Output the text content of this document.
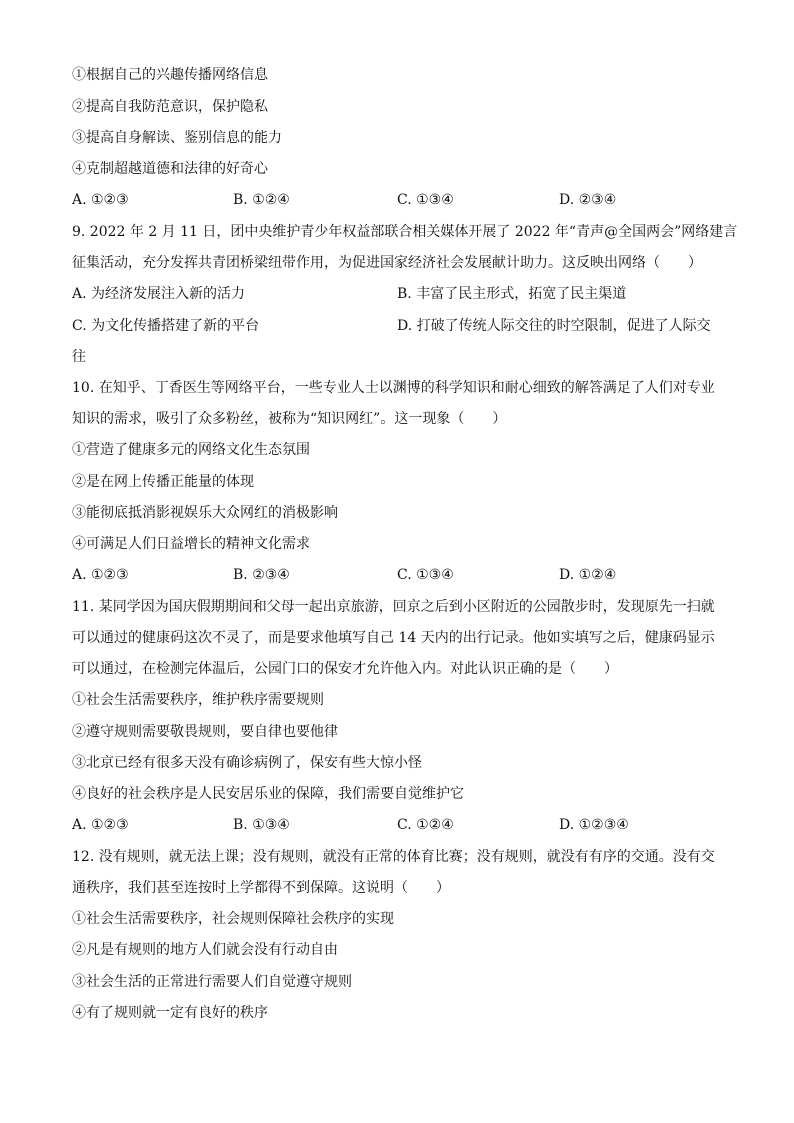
①根据自己的兴趣传播网络信息
②提高自我防范意识，保护隐私
③提高自身解读、鉴别信息的能力
④克制超越道德和法律的好奇心
A. ①②③	B. ①②④	C. ①③④	D. ②③④
9. 2022 年 2 月 11 日，团中央维护青少年权益部联合相关媒体开展了 2022 年“青声@全国两会”网络建言
征集活动，充分发挥共青团桥梁纽带作用，为促进国家经济社会发展献计助力。这反映出网络（　　）
A. 为经济发展注入新的活力	B. 丰富了民主形式，拓宽了民主渠道
C. 为文化传播搭建了新的平台	D. 打破了传统人际交往的时空限制，促进了人际交
往
10. 在知乎、丁香医生等网络平台，一些专业人士以渊博的科学知识和耐心细致的解答满足了人们对专业
知识的需求，吸引了众多粉丝，被称为“知识网红”。这一现象（　　）
①营造了健康多元的网络文化生态氛围
②是在网上传播正能量的体现
③能彻底抵消影视娱乐大众网红的消极影响
④可满足人们日益增长的精神文化需求
A. ①②③	B. ②③④	C. ①③④	D. ①②④
11. 某同学因为国庆假期期间和父母一起出京旅游，回京之后到小区附近的公园散步时，发现原先一扫就
可以通过的健康码这次不灵了，而是要求他填写自己 14 天内的出行记录。他如实填写之后，健康码显示
可以通过，在检测完体温后，公园门口的保安才允许他入内。对此认识正确的是（　　）
①社会生活需要秩序，维护秩序需要规则
②遵守规则需要敬畏规则，要自律也要他律
③北京已经有很多天没有确诊病例了，保安有些大惊小怪
④良好的社会秩序是人民安居乐业的保障，我们需要自觉维护它
A. ①②③	B. ①③④	C. ①②④	D. ①②③④
12. 没有规则，就无法上课；没有规则，就没有正常的体育比赛；没有规则，就没有有序的交通。没有交
通秩序，我们甚至连按时上学都得不到保障。这说明（　　）
①社会生活需要秩序，社会规则保障社会秩序的实现
②凡是有规则的地方人们就会没有行动自由
③社会生活的正常进行需要人们自觉遵守规则
④有了规则就一定有良好的秩序
